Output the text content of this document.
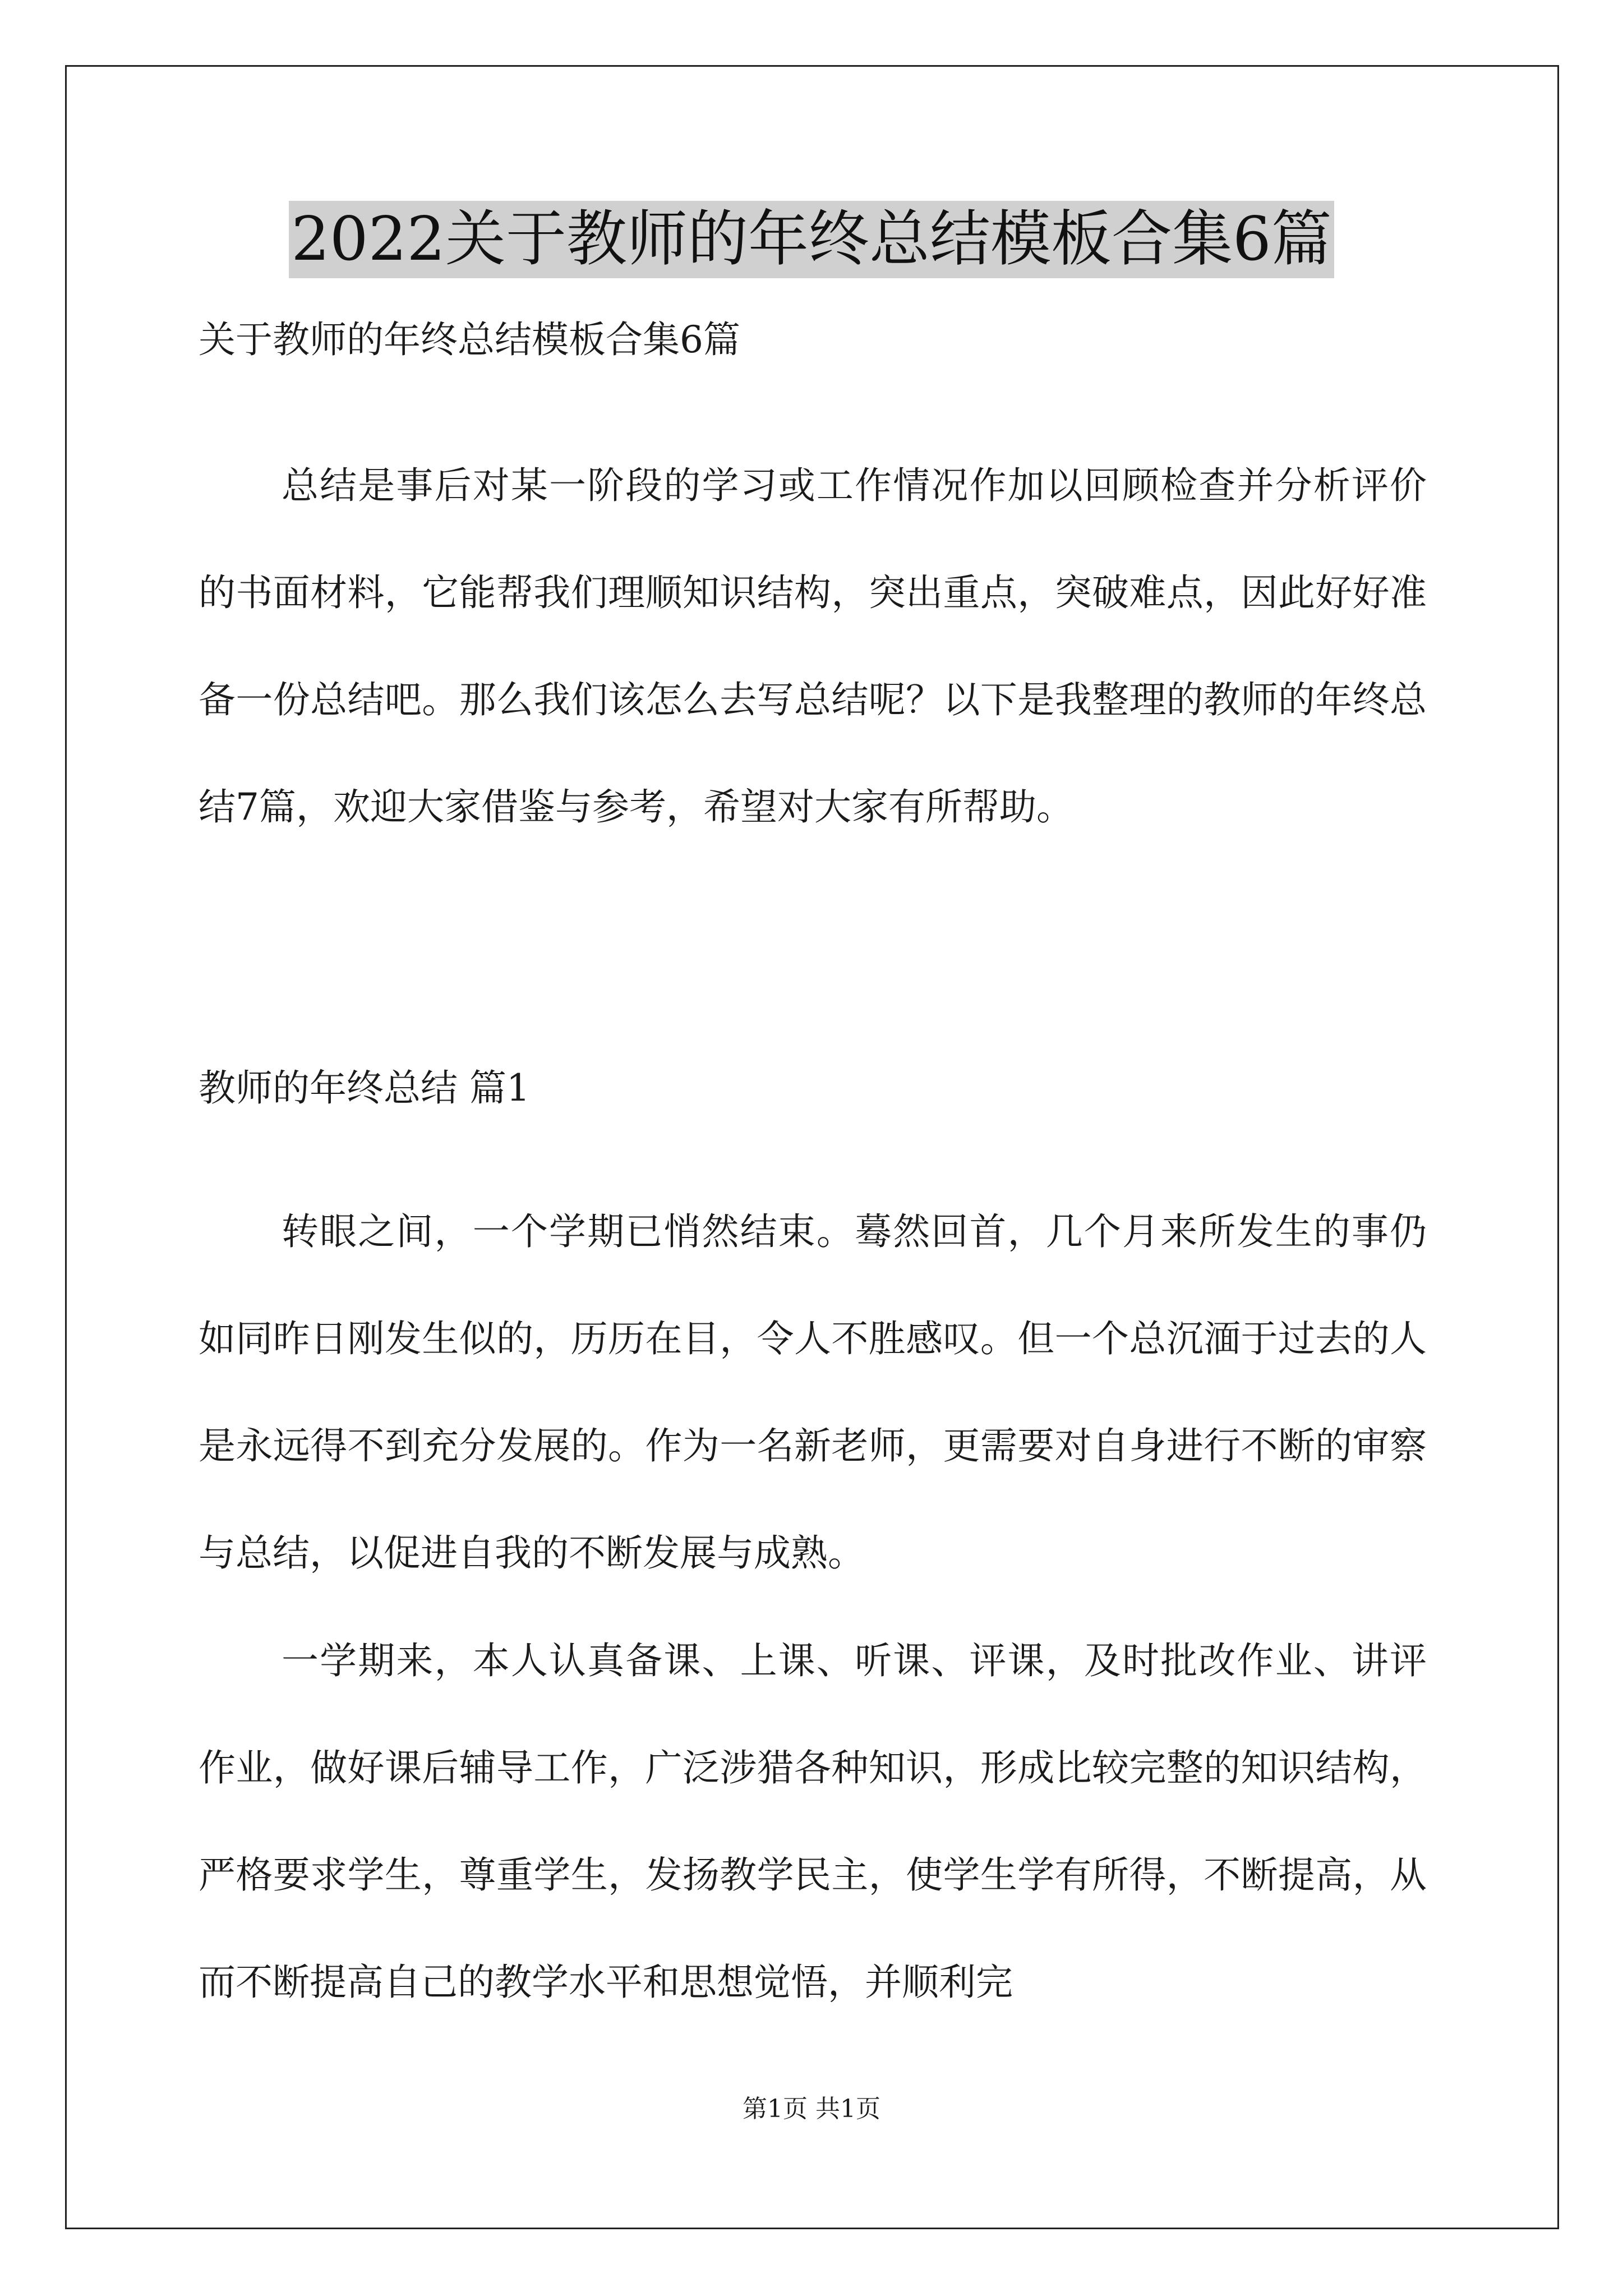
2022关于教师的年终总结模板合集6篇
关于教师的年终总结模板合集6篇

总结是事后对某一阶段的学习或工作情况作加以回顾检查并分析评价的书面材料，它能帮我们理顺知识结构，突出重点，突破难点，因此好好准备一份总结吧。那么我们该怎么去写总结呢？以下是我整理的教师的年终总结7篇，欢迎大家借鉴与参考，希望对大家有所帮助。

教师的年终总结 篇1

转眼之间，一个学期已悄然结束。蓦然回首，几个月来所发生的事仍如同昨日刚发生似的，历历在目，令人不胜感叹。但一个总沉湎于过去的人是永远得不到充分发展的。作为一名新老师，更需要对自身进行不断的审察与总结，以促进自我的不断发展与成熟。

一学期来，本人认真备课、上课、听课、评课，及时批改作业、讲评作业，做好课后辅导工作，广泛涉猎各种知识，形成比较完整的知识结构，严格要求学生，尊重学生，发扬教学民主，使学生学有所得，不断提高，从而不断提高自己的教学水平和思想觉悟，并顺利完

第1页 共1页
